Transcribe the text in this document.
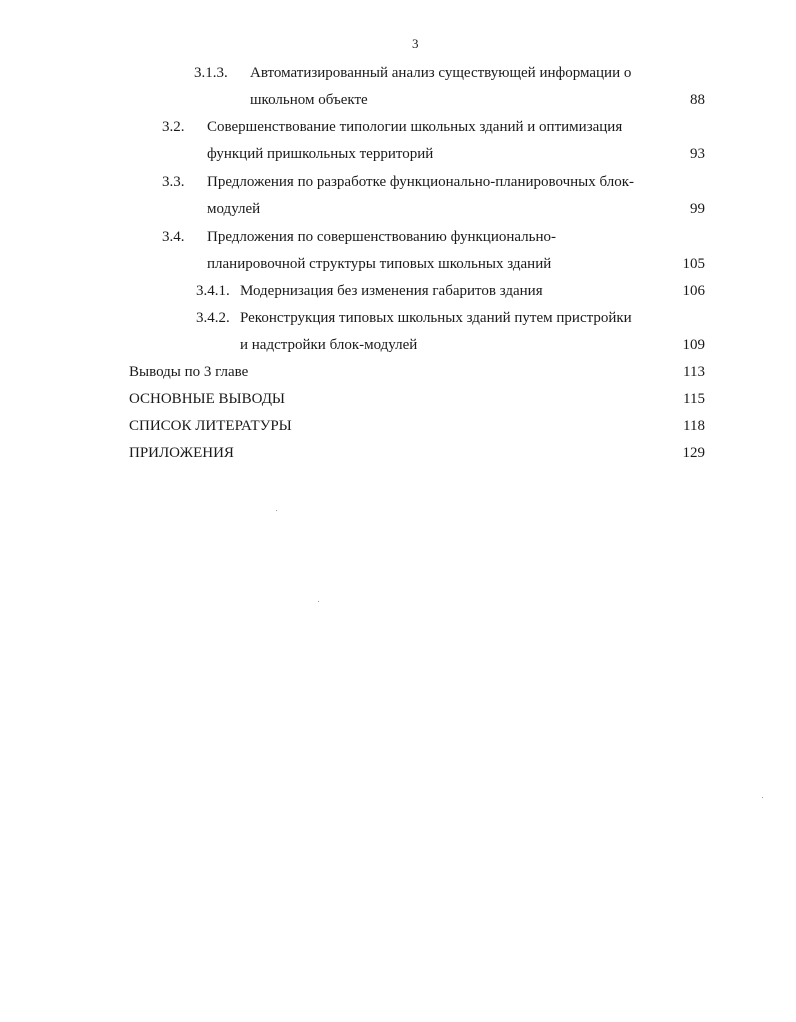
3
3.1.3. Автоматизированный анализ существующей информации о
школьном объекте	88
3.2. Совершенствование типологии школьных зданий и оптимизация
функций пришкольных территорий	93
3.3. Предложения по разработке функционально-планировочных блок-
модулей	99
3.4. Предложения по совершенствованию функционально-
планировочной структуры типовых школьных зданий	105
3.4.1. Модернизация без изменения габаритов здания	106
3.4.2. Реконструкция типовых школьных зданий путем пристройки
и надстройки блок-модулей	109
Выводы по 3 главе	113
ОСНОВНЫЕ ВЫВОДЫ	115
СПИСОК ЛИТЕРАТУРЫ	118
ПРИЛОЖЕНИЯ	129
